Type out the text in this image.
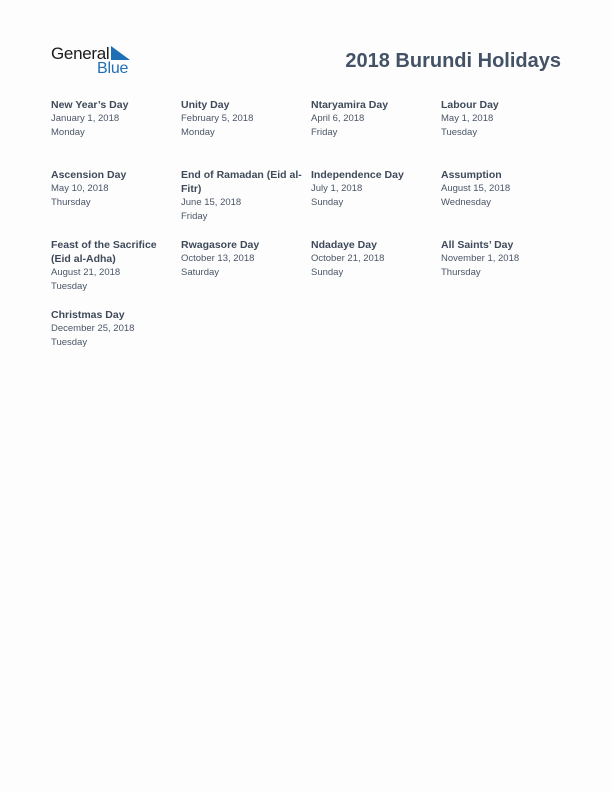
General
Blue	2018 Burundi Holidays
New Year’s Day
January 1, 2018
Monday
Unity Day
February 5, 2018
Monday
Ntaryamira Day
April 6, 2018
Friday
Labour Day
May 1, 2018
Tuesday
Ascension Day
May 10, 2018
Thursday
End of Ramadan (Eid al-Fitr)
June 15, 2018
Friday
Independence Day
July 1, 2018
Sunday
Assumption
August 15, 2018
Wednesday
Feast of the Sacrifice (Eid al-Adha)
August 21, 2018
Tuesday
Rwagasore Day
October 13, 2018
Saturday
Ndadaye Day
October 21, 2018
Sunday
All Saints’ Day
November 1, 2018
Thursday
Christmas Day
December 25, 2018
Tuesday
